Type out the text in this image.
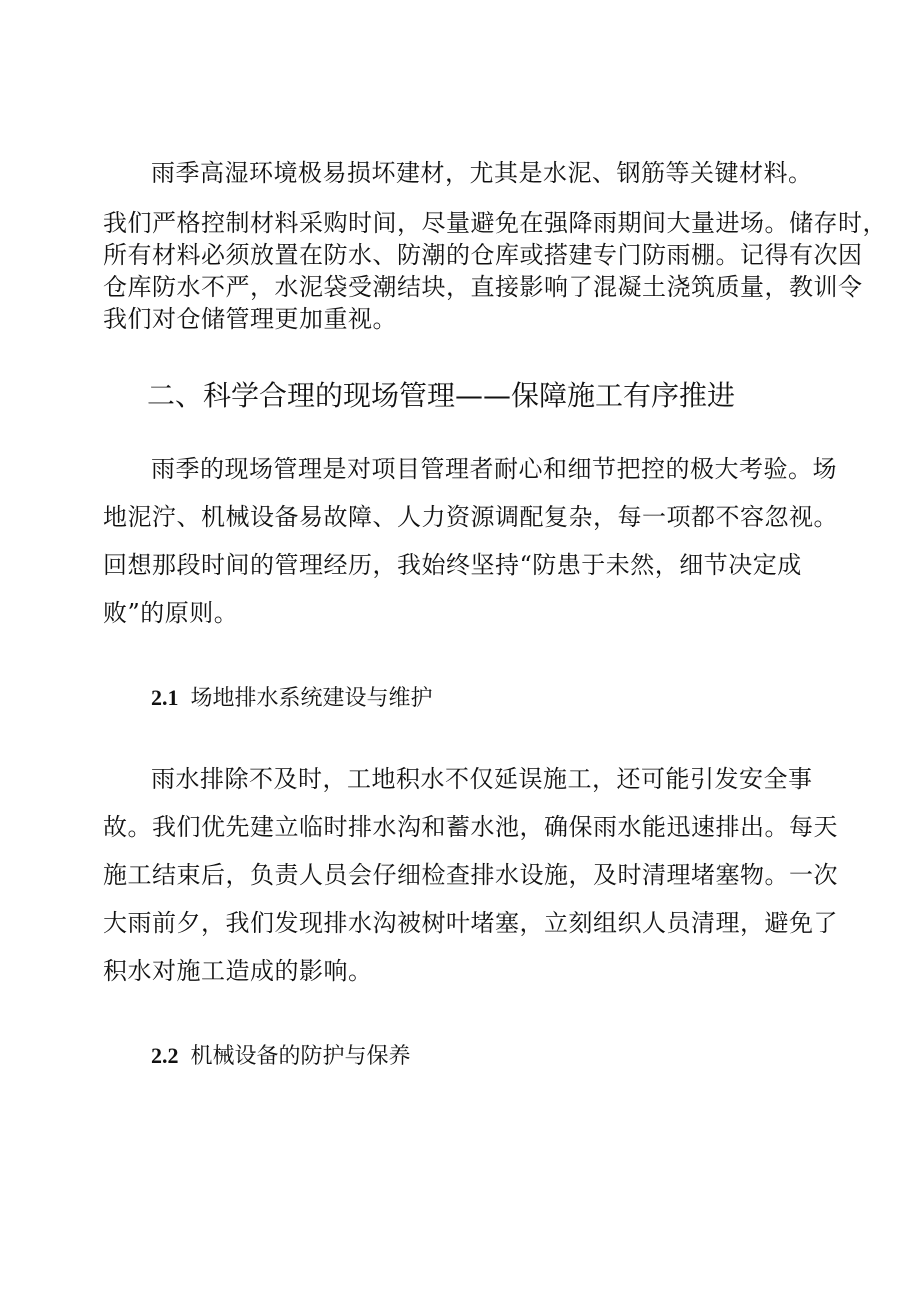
雨季高湿环境极易损坏建材，尤其是水泥、钢筋等关键材料。
我们严格控制材料采购时间，尽量避免在强降雨期间大量进场。储存时，
所有材料必须放置在防水、防潮的仓库或搭建专门防雨棚。记得有次因
仓库防水不严，水泥袋受潮结块，直接影响了混凝土浇筑质量，教训令
我们对仓储管理更加重视。
二、科学合理的现场管理——保障施工有序推进
雨季的现场管理是对项目管理者耐心和细节把控的极大考验。场
地泥泞、机械设备易故障、人力资源调配复杂，每一项都不容忽视。
回想那段时间的管理经历，我始终坚持“防患于未然，细节决定成
败”的原则。
2.1 场地排水系统建设与维护
雨水排除不及时，工地积水不仅延误施工，还可能引发安全事
故。我们优先建立临时排水沟和蓄水池，确保雨水能迅速排出。每天
施工结束后，负责人员会仔细检查排水设施，及时清理堵塞物。一次
大雨前夕，我们发现排水沟被树叶堵塞，立刻组织人员清理，避免了
积水对施工造成的影响。
2.2 机械设备的防护与保养
